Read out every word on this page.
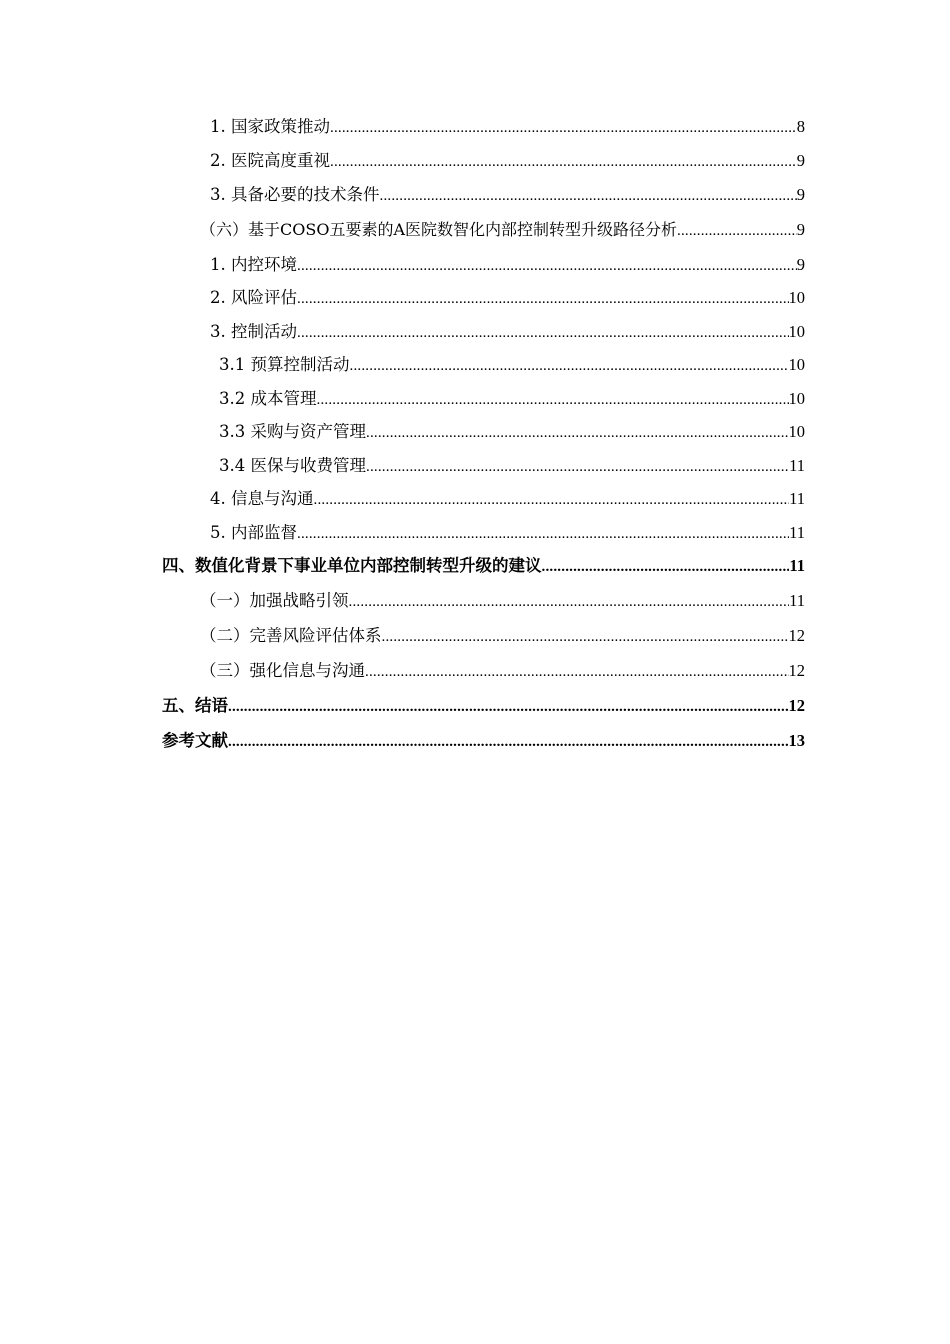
1. 国家政策推动 .....	8
2. 医院高度重视 .....	9
3. 具备必要的技术条件 .....	9
（六）基于COSO五要素的A医院数智化内部控制转型升级路径分析 .....	9
1. 内控环境 .....	9
2. 风险评估 .....	10
3. 控制活动 .....	10
3.1 预算控制活动 .....	10
3.2 成本管理 .....	10
3.3 采购与资产管理 .....	10
3.4 医保与收费管理 .....	11
4. 信息与沟通 .....	11
5. 内部监督 .....	11
四、数值化背景下事业单位内部控制转型升级的建议 .....	11
（一）加强战略引领 .....	11
（二）完善风险评估体系 .....	12
（三）强化信息与沟通 .....	12
五、结语 .....	12
参考文献 .....	13
